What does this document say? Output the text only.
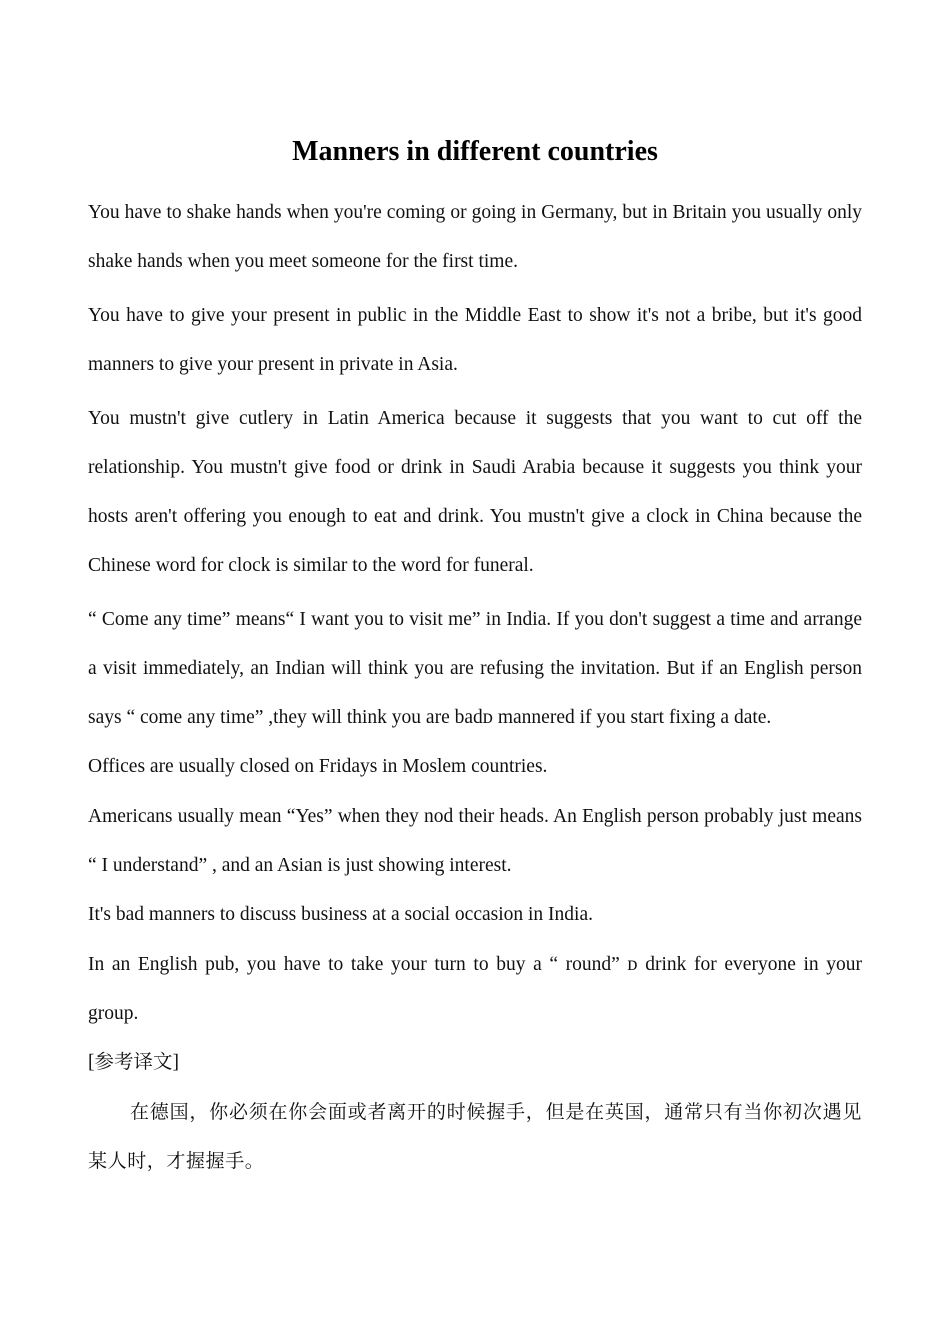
Manners in different countries

You have to shake hands when you're coming or going in Germany, but in Britain you usually only shake hands when you meet someone for the first time.

You have to give your present in public in the Middle East to show it's not a bribe, but it's good manners to give your present in private in Asia.

You mustn't give cutlery in Latin America because it suggests that you want to cut off the relationship. You mustn't give food or drink in Saudi Arabia because it suggests you think your hosts aren't offering you enough to eat and drink. You mustn't give a clock in China because the Chinese word for clock is similar to the word for funeral.

“ Come any time” means“ I want you to visit me” in India. If you don't suggest a time and arrange a visit immediately, an Indian will think you are refusing the invitation. But if an English person says “ come any time” ,they will think you are badᴅ mannered if you start fixing a date.

Offices are usually closed on Fridays in Moslem countries.

Americans usually mean “Yes” when they nod their heads. An English person probably just means “ I understand” , and an Asian is just showing interest.

It's bad manners to discuss business at a social occasion in India.

In an English pub, you have to take your turn to buy a “ round” ᴅ drink for everyone in your group.

[参考译文]

在德国，你必须在你会面或者离开的时候握手，但是在英国，通常只有当你初次遇见某人时，才握握手。
